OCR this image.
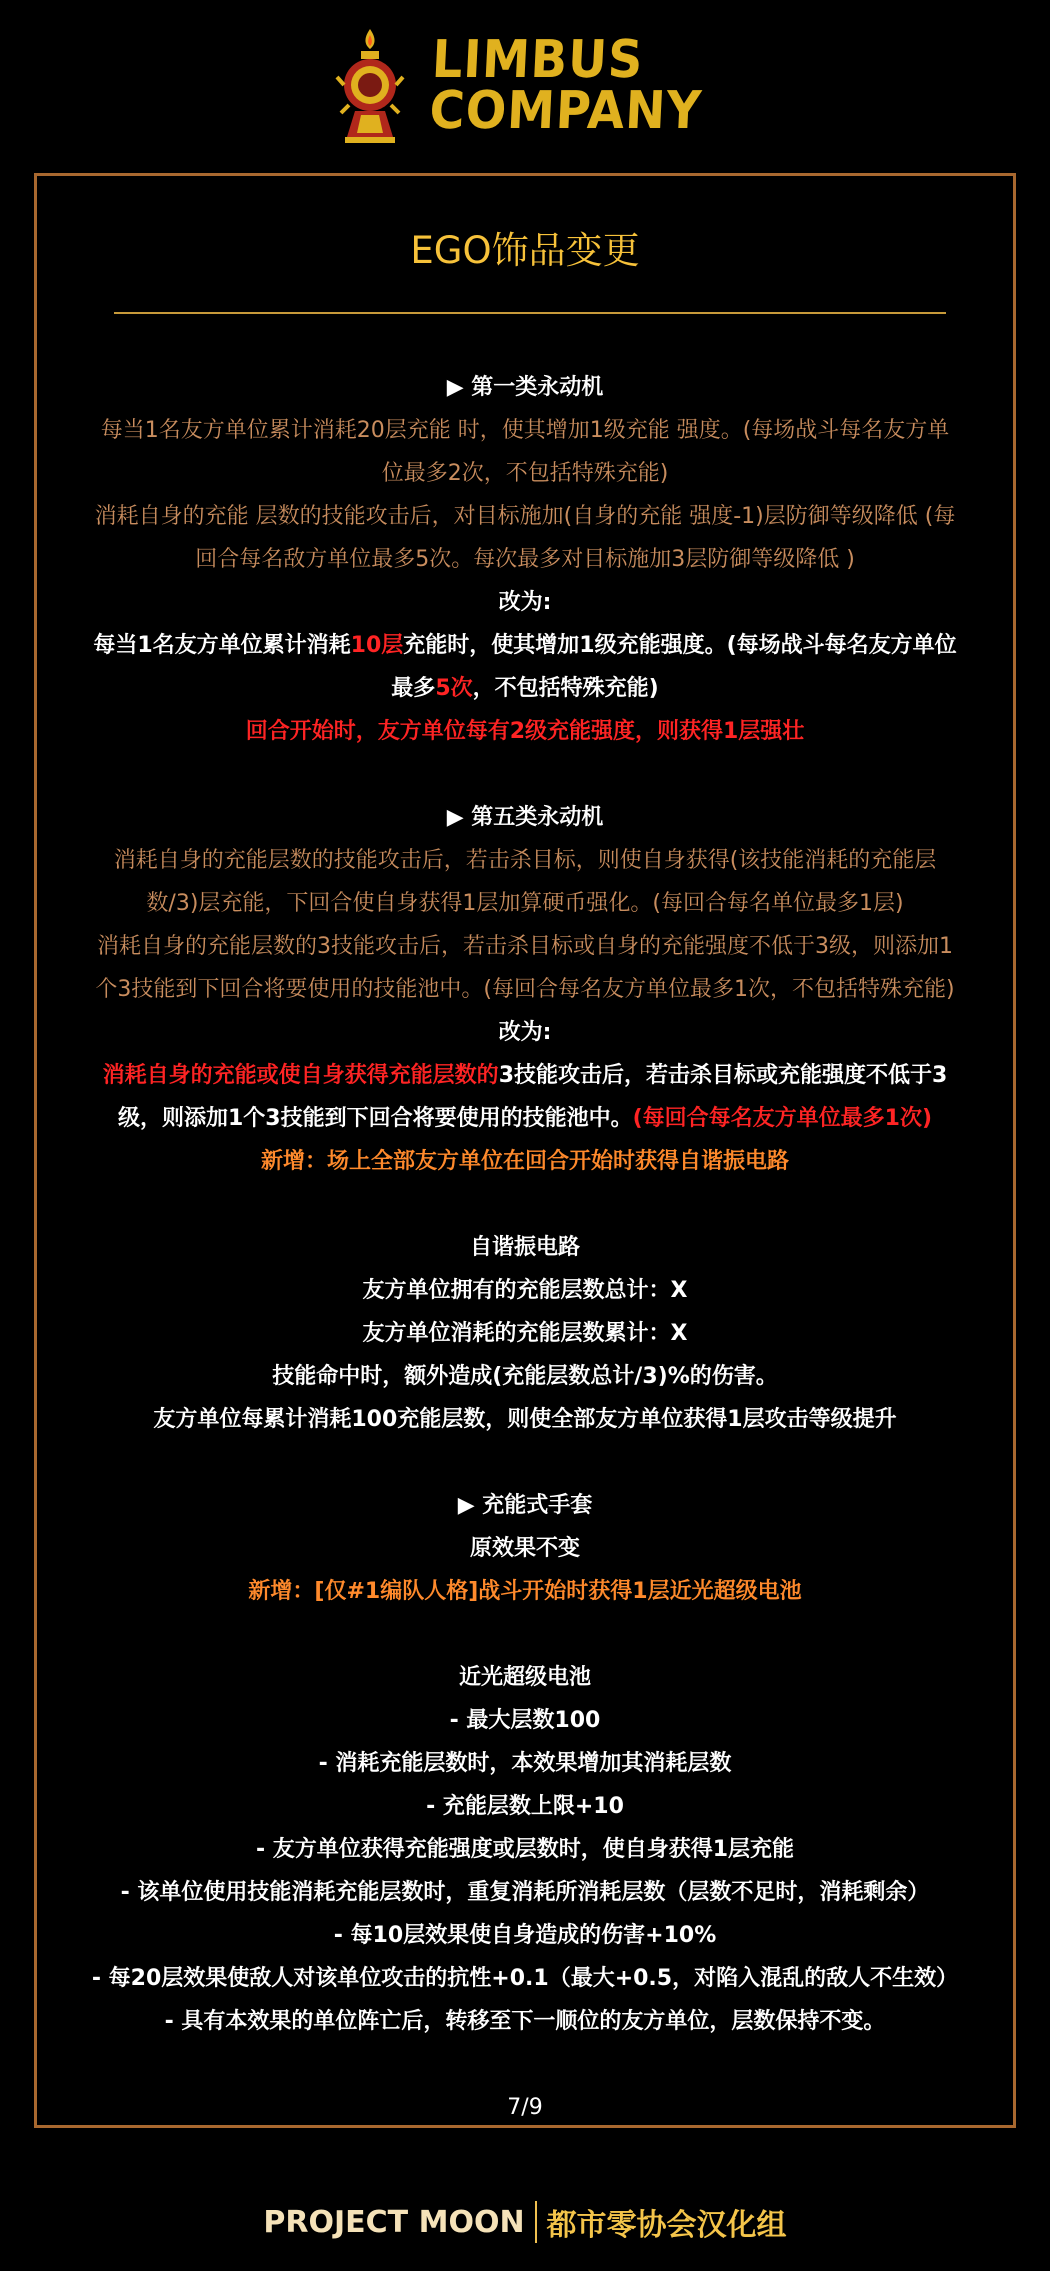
LIMBUS
COMPANY
EGO饰品变更
▶ 第一类永动机
每当1名友方单位累计消耗20层充能 时，使其增加1级充能 强度。(每场战斗每名友方单
位最多2次，不包括特殊充能)
消耗自身的充能 层数的技能攻击后，对目标施加(自身的充能 强度-1)层防御等级降低 (每
回合每名敌方单位最多5次。每次最多对目标施加3层防御等级降低 )
改为:
每当1名友方单位累计消耗10层充能时，使其增加1级充能强度。(每场战斗每名友方单位
最多5次，不包括特殊充能)
回合开始时，友方单位每有2级充能强度，则获得1层强壮
▶ 第五类永动机
消耗自身的充能层数的技能攻击后，若击杀目标，则使自身获得(该技能消耗的充能层
数/3)层充能，下回合使自身获得1层加算硬币强化。(每回合每名单位最多1层)
消耗自身的充能层数的3技能攻击后，若击杀目标或自身的充能强度不低于3级，则添加1
个3技能到下回合将要使用的技能池中。(每回合每名友方单位最多1次，不包括特殊充能)
改为:
消耗自身的充能或使自身获得充能层数的3技能攻击后，若击杀目标或充能强度不低于3
级，则添加1个3技能到下回合将要使用的技能池中。(每回合每名友方单位最多1次)
新增：场上全部友方单位在回合开始时获得自谐振电路
自谐振电路
友方单位拥有的充能层数总计：X
友方单位消耗的充能层数累计：X
技能命中时，额外造成(充能层数总计/3)%的伤害。
友方单位每累计消耗100充能层数，则使全部友方单位获得1层攻击等级提升
▶ 充能式手套
原效果不变
新增：[仅#1编队人格]战斗开始时获得1层近光超级电池
近光超级电池
- 最大层数100
- 消耗充能层数时，本效果增加其消耗层数
- 充能层数上限+10
- 友方单位获得充能强度或层数时，使自身获得1层充能
- 该单位使用技能消耗充能层数时，重复消耗所消耗层数（层数不足时，消耗剩余）
- 每10层效果使自身造成的伤害+10%
- 每20层效果使敌人对该单位攻击的抗性+0.1（最大+0.5，对陷入混乱的敌人不生效）
- 具有本效果的单位阵亡后，转移至下一顺位的友方单位，层数保持不变。
7/9
PROJECT MOON 都市零协会汉化组
